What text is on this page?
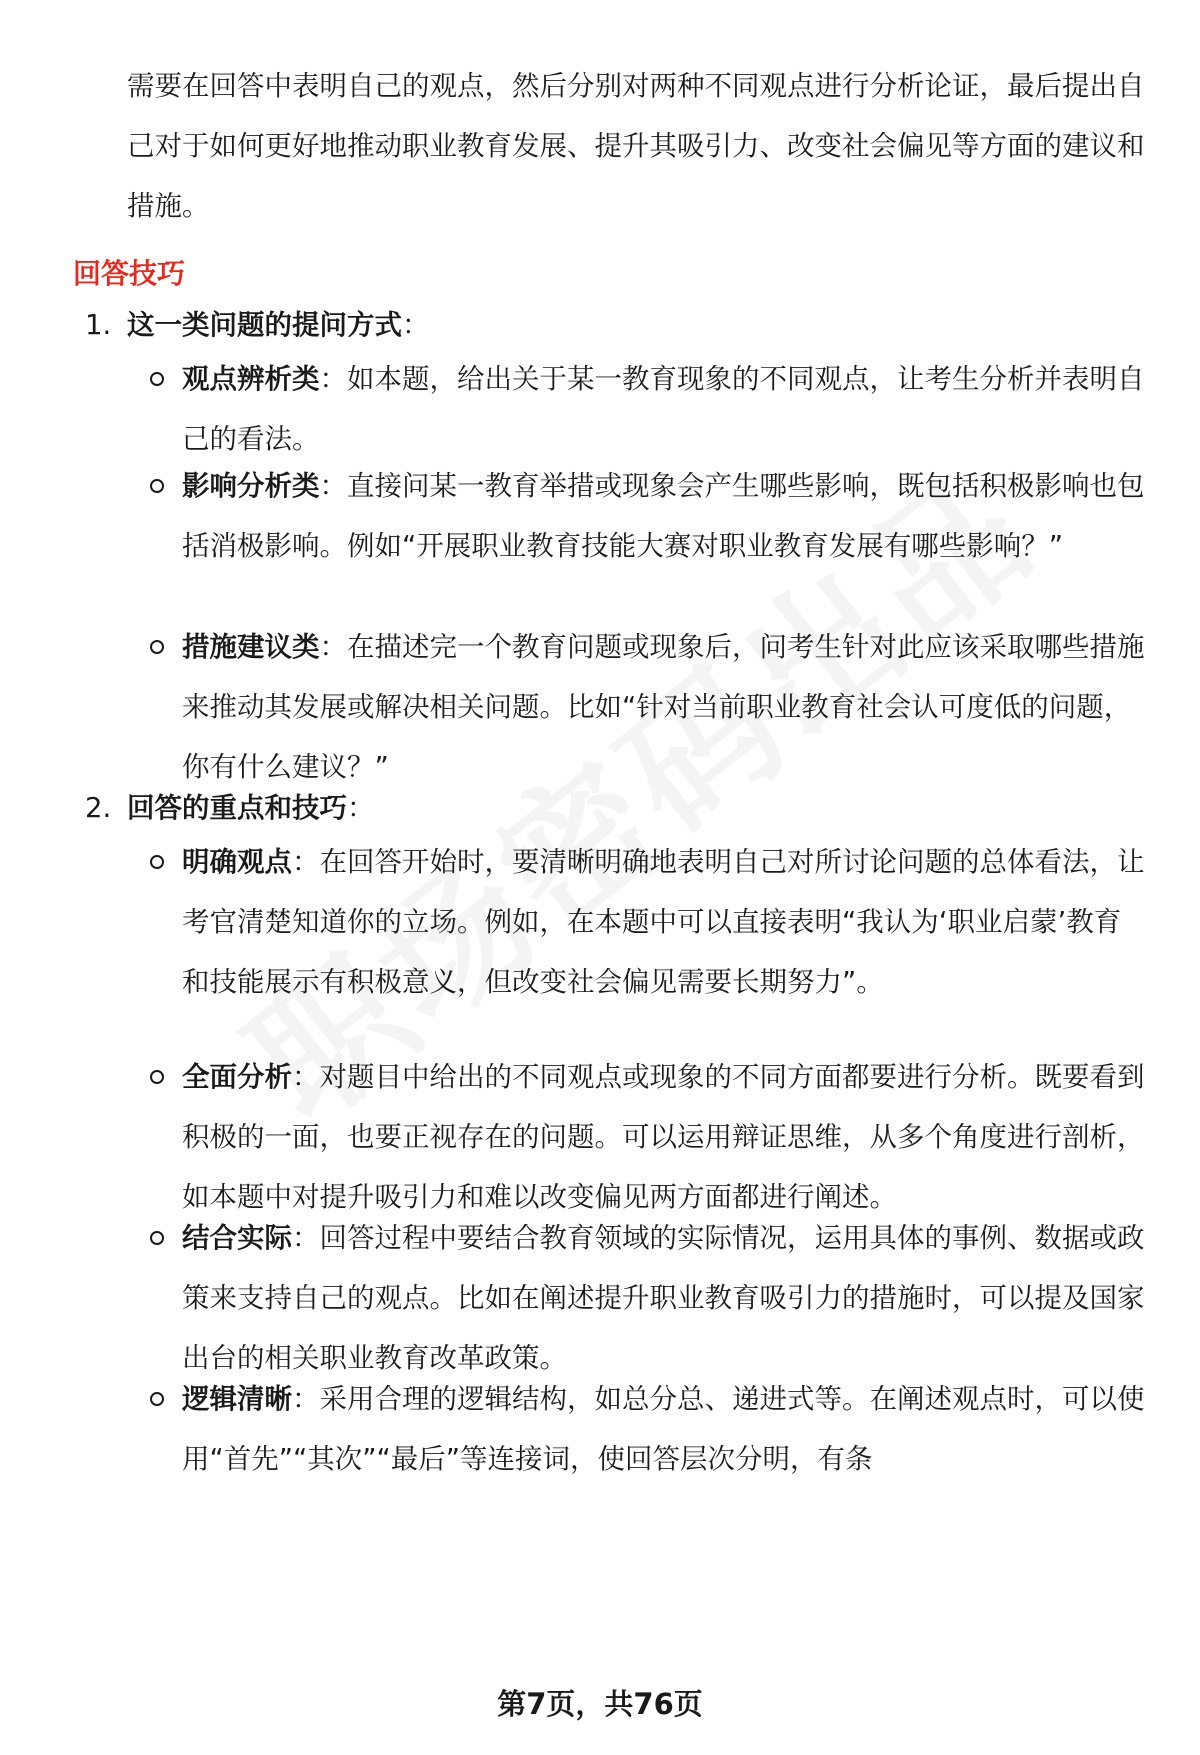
需要在回答中表明自己的观点，然后分别对两种不同观点进行分析论证，最后提出自己对于如何更好地推动职业教育发展、提升其吸引力、改变社会偏见等方面的建议和措施。

回答技巧
1. 这一类问题的提问方式：

观点辨析类：如本题，给出关于某一教育现象的不同观点，让考生分析并表明自己的看法。

影响分析类：直接问某一教育举措或现象会产生哪些影响，既包括积极影响也包括消极影响。例如“开展职业教育技能大赛对职业教育发展有哪些影响？”

措施建议类：在描述完一个教育问题或现象后，问考生针对此应该采取哪些措施来推动其发展或解决相关问题。比如“针对当前职业教育社会认可度低的问题，你有什么建议？”

2. 回答的重点和技巧：

明确观点：在回答开始时，要清晰明确地表明自己对所讨论问题的总体看法，让考官清楚知道你的立场。例如，在本题中可以直接表明“我认为‘职业启蒙’教育和技能展示有积极意义，但改变社会偏见需要长期努力”。

全面分析：对题目中给出的不同观点或现象的不同方面都要进行分析。既要看到积极的一面，也要正视存在的问题。可以运用辩证思维，从多个角度进行剖析，如本题中对提升吸引力和难以改变偏见两方面都进行阐述。

结合实际：回答过程中要结合教育领域的实际情况，运用具体的事例、数据或政策来支持自己的观点。比如在阐述提升职业教育吸引力的措施时，可以提及国家出台的相关职业教育改革政策。

逻辑清晰：采用合理的逻辑结构，如总分总、递进式等。在阐述观点时，可以使用“首先”“其次”“最后”等连接词，使回答层次分明，有条

第7页，共76页
